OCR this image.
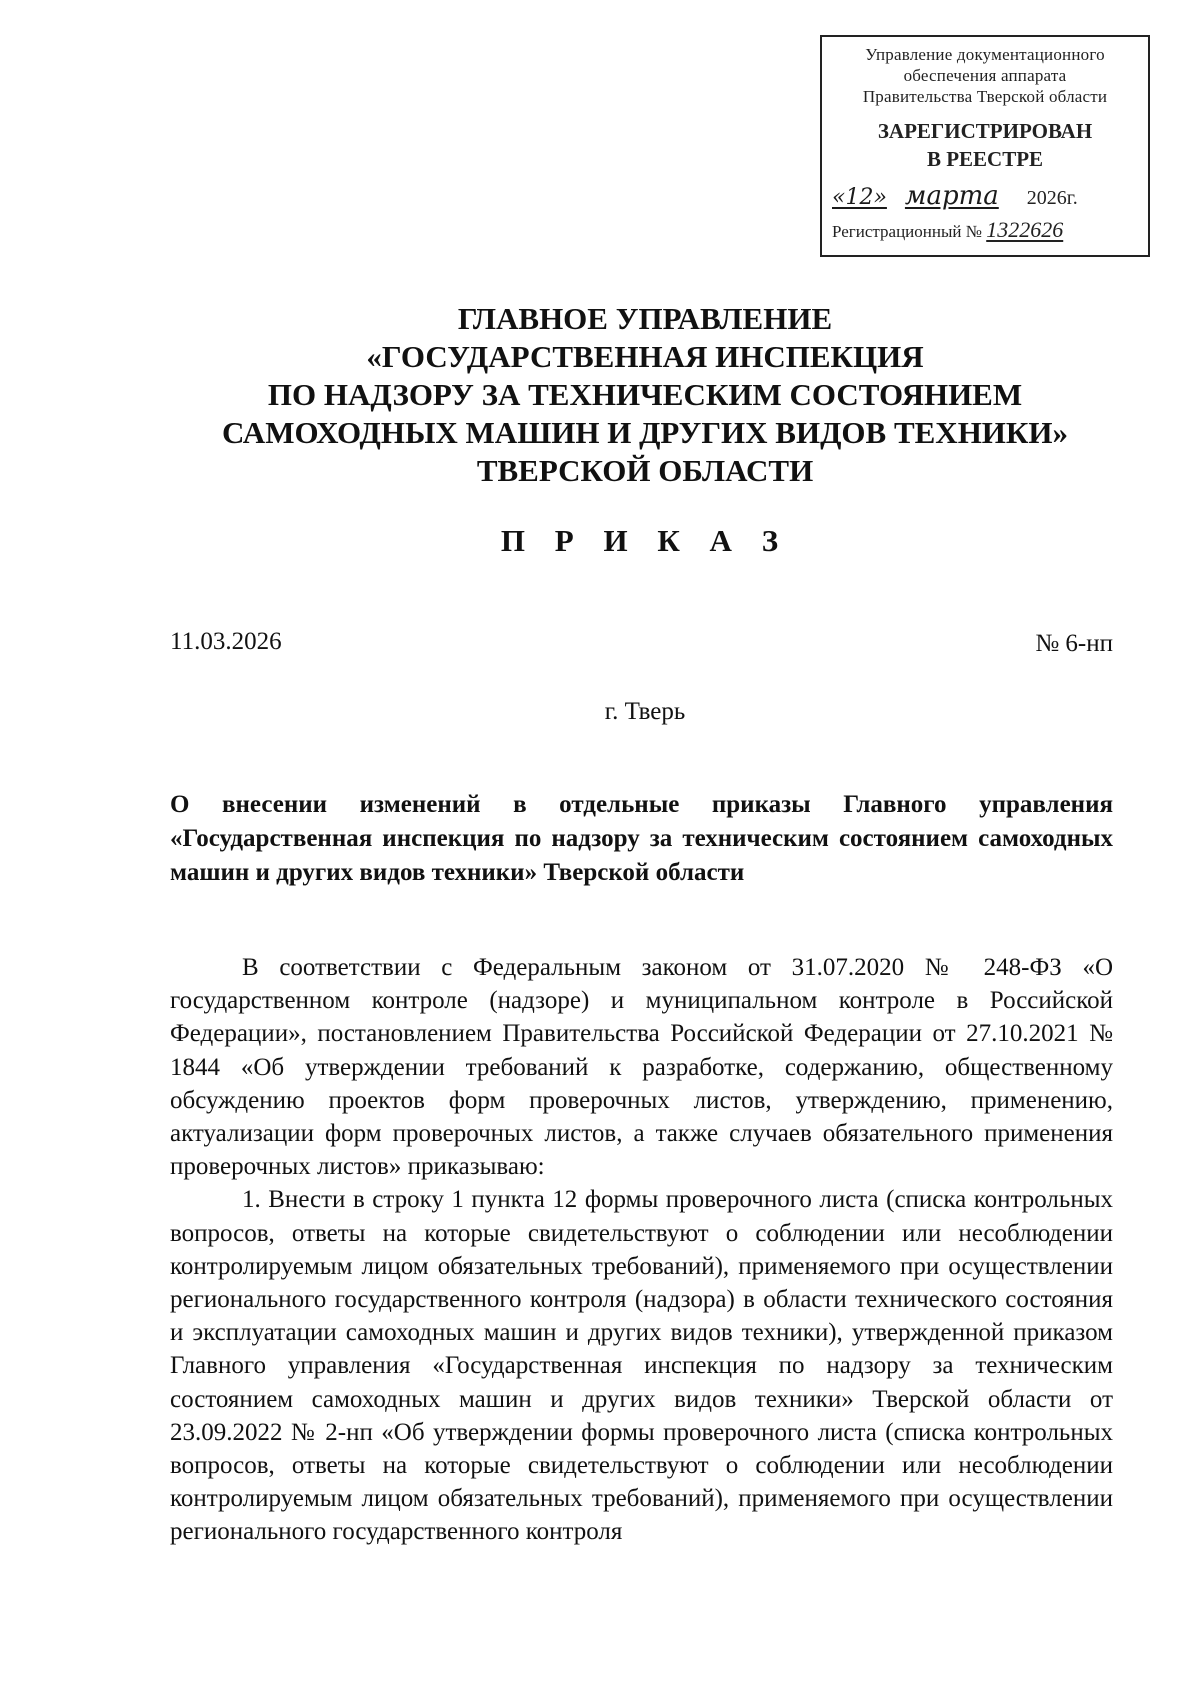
Управление документационного
обеспечения аппарата
Правительства Тверской области
ЗАРЕГИСТРИРОВАН
В РЕЕСТРЕ
«12» марта 2026г.
Регистрационный № 1322626
ГЛАВНОЕ УПРАВЛЕНИЕ
«ГОСУДАРСТВЕННАЯ ИНСПЕКЦИЯ
ПО НАДЗОРУ ЗА ТЕХНИЧЕСКИМ СОСТОЯНИЕМ
САМОХОДНЫХ МАШИН И ДРУГИХ ВИДОВ ТЕХНИКИ»
ТВЕРСКОЙ ОБЛАСТИ
П Р И К А З
11.03.2026	№ 6-нп
г. Тверь
О внесении изменений в отдельные приказы Главного управления «Государственная инспекция по надзору за техническим состоянием самоходных машин и других видов техники» Тверской области

В соответствии с Федеральным законом от 31.07.2020 № 248-ФЗ «О государственном контроле (надзоре) и муниципальном контроле в Российской Федерации», постановлением Правительства Российской Федерации от 27.10.2021 № 1844 «Об утверждении требований к разработке, содержанию, общественному обсуждению проектов форм проверочных листов, утверждению, применению, актуализации форм проверочных листов, а также случаев обязательного применения проверочных листов» приказываю:

1. Внести в строку 1 пункта 12 формы проверочного листа (списка контрольных вопросов, ответы на которые свидетельствуют о соблюдении или несоблюдении контролируемым лицом обязательных требований), применяемого при осуществлении регионального государственного контроля (надзора) в области технического состояния и эксплуатации самоходных машин и других видов техники), утвержденной приказом Главного управления «Государственная инспекция по надзору за техническим состоянием самоходных машин и других видов техники» Тверской области от 23.09.2022 № 2-нп «Об утверждении формы проверочного листа (списка контрольных вопросов, ответы на которые свидетельствуют о соблюдении или несоблюдении контролируемым лицом обязательных требований), применяемого при осуществлении регионального государственного контроля
